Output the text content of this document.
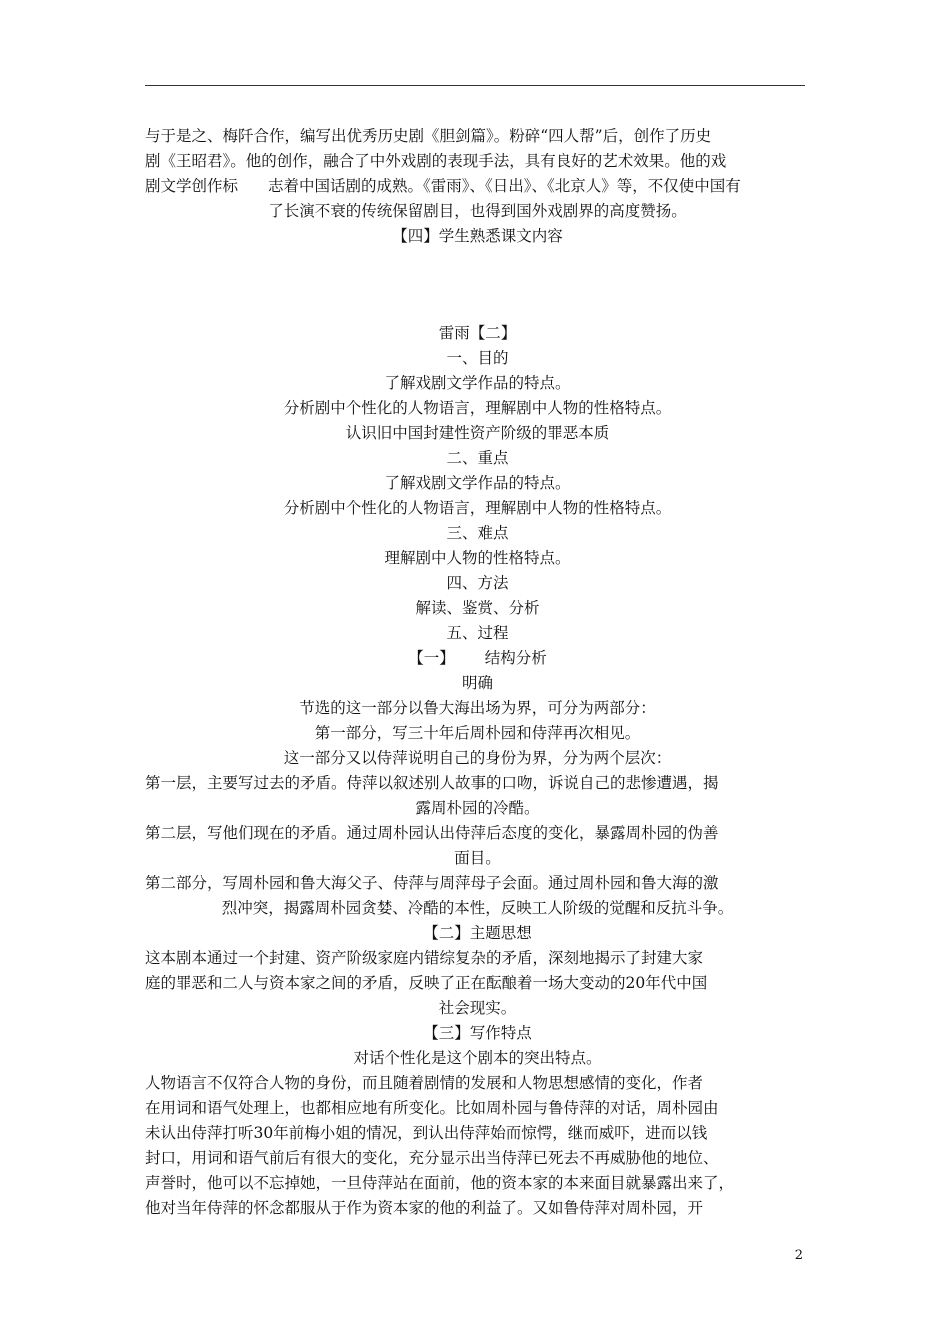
与于是之、梅阡合作，编写出优秀历史剧《胆剑篇》。粉碎“四人帮”后，创作了历史

剧《王昭君》。他的创作，融合了中外戏剧的表现手法，具有良好的艺术效果。他的戏

剧文学创作标 志着中国话剧的成熟。《雷雨》、《日出》、《北京人》等，不仅使中国有

了长演不衰的传统保留剧目，也得到国外戏剧界的高度赞扬。

【四】学生熟悉课文内容

雷雨【二】

一、目的

了解戏剧文学作品的特点。

分析剧中个性化的人物语言，理解剧中人物的性格特点。

认识旧中国封建性资产阶级的罪恶本质

二、重点

了解戏剧文学作品的特点。

分析剧中个性化的人物语言，理解剧中人物的性格特点。

三、难点

理解剧中人物的性格特点。

四、方法

解读、鉴赏、分析

五、过程

【一】 结构分析

明确

节选的这一部分以鲁大海出场为界，可分为两部分：

第一部分，写三十年后周朴园和侍萍再次相见。

这一部分又以侍萍说明自己的身份为界，分为两个层次：

第一层，主要写过去的矛盾。侍萍以叙述别人故事的口吻，诉说自己的悲惨遭遇，揭

露周朴园的冷酷。

第二层，写他们现在的矛盾。通过周朴园认出侍萍后态度的变化，暴露周朴园的伪善

面目。

第二部分，写周朴园和鲁大海父子、侍萍与周萍母子会面。通过周朴园和鲁大海的激

烈冲突，揭露周朴园贪婪、冷酷的本性，反映工人阶级的觉醒和反抗斗争。

【二】主题思想

这本剧本通过一个封建、资产阶级家庭内错综复杂的矛盾，深刻地揭示了封建大家

庭的罪恶和二人与资本家之间的矛盾，反映了正在酝酿着一场大变动的20年代中国

社会现实。

【三】写作特点

对话个性化是这个剧本的突出特点。

人物语言不仅符合人物的身份，而且随着剧情的发展和人物思想感情的变化，作者

在用词和语气处理上，也都相应地有所变化。比如周朴园与鲁侍萍的对话，周朴园由

未认出侍萍打听30年前梅小姐的情况，到认出侍萍始而惊愕，继而威吓，进而以钱

封口，用词和语气前后有很大的变化，充分显示出当侍萍已死去不再威胁他的地位、

声誉时，他可以不忘掉她，一旦侍萍站在面前，他的资本家的本来面目就暴露出来了，

他对当年侍萍的怀念都服从于作为资本家的他的利益了。又如鲁侍萍对周朴园，开

2
